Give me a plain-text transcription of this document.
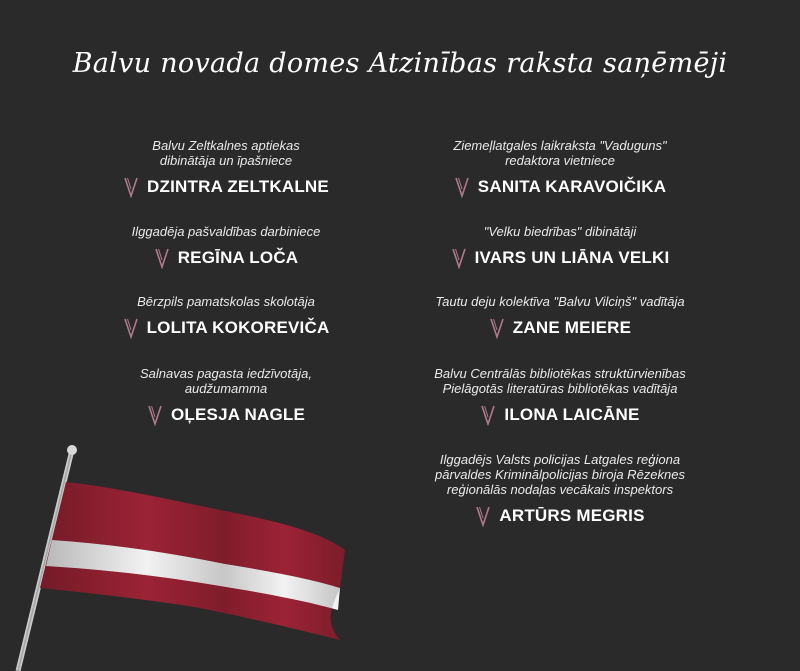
Balvu novada domes Atzinības raksta saņēmēji
Balvu Zeltkalnes aptiekas
dibinātāja un īpašniece
DZINTRA ZELTKALNE
Ilggadēja pašvaldības darbiniece
REGĪNA LOČA
Bērzpils pamatskolas skolotāja
LOLITA KOKOREVIČA
Salnavas pagasta iedzīvotāja,
audžumamma
OĻESJA NAGLE
Ziemeļlatgales laikraksta "Vaduguns"
redaktora vietniece
SANITA KARAVOIČIKA
"Velku biedrības" dibinātāji
IVARS UN LIĀNA VELKI
Tautu deju kolektīva "Balvu Vilciņš" vadītāja
ZANE MEIERE
Balvu Centrālās bibliotēkas struktūrvienības
Pielāgotās literatūras bibliotēkas vadītāja
ILONA LAICĀNE
Ilggadējs Valsts policijas Latgales reģiona
pārvaldes Kriminālpolicijas biroja Rēzeknes
reģionālās nodaļas vecākais inspektors
ARTŪRS MEGRIS
